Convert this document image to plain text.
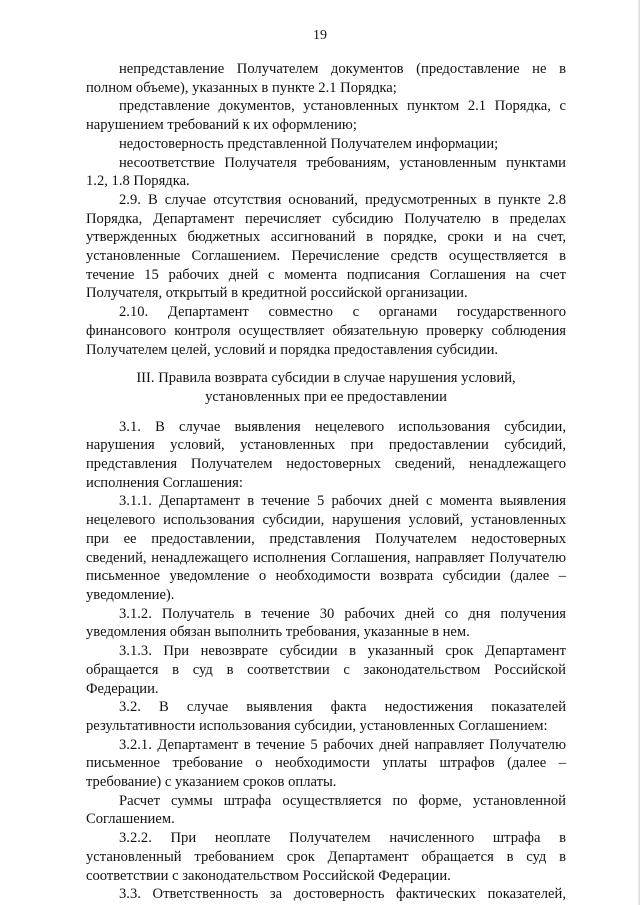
19

непредставление Получателем документов (предоставление не в полном объеме), указанных в пункте 2.1 Порядка;

представление документов, установленных пунктом 2.1 Порядка, с нарушением требований к их оформлению;

недостоверность представленной Получателем информации;

несоответствие Получателя требованиям, установленным пунктами 1.2, 1.8 Порядка.

2.9. В случае отсутствия оснований, предусмотренных в пункте 2.8 Порядка, Департамент перечисляет субсидию Получателю в пределах утвержденных бюджетных ассигнований в порядке, сроки и на счет, установленные Соглашением. Перечисление средств осуществляется в течение 15 рабочих дней с момента подписания Соглашения на счет Получателя, открытый в кредитной российской организации.

2.10. Департамент совместно с органами государственного финансового контроля осуществляет обязательную проверку соблюдения Получателем целей, условий и порядка предоставления субсидии.

III. Правила возврата субсидии в случае нарушения условий,
установленных при ее предоставлении

3.1. В случае выявления нецелевого использования субсидии, нарушения условий, установленных при предоставлении субсидий, представления Получателем недостоверных сведений, ненадлежащего исполнения Соглашения:

3.1.1. Департамент в течение 5 рабочих дней с момента выявления нецелевого использования субсидии, нарушения условий, установленных при ее предоставлении, представления Получателем недостоверных сведений, ненадлежащего исполнения Соглашения, направляет Получателю письменное уведомление о необходимости возврата субсидии (далее – уведомление).

3.1.2. Получатель в течение 30 рабочих дней со дня получения уведомления обязан выполнить требования, указанные в нем.

3.1.3. При невозврате субсидии в указанный срок Департамент обращается в суд в соответствии с законодательством Российской Федерации.

3.2. В случае выявления факта недостижения показателей результативности использования субсидии, установленных Соглашением:

3.2.1. Департамент в течение 5 рабочих дней направляет Получателю письменное требование о необходимости уплаты штрафов (далее – требование) с указанием сроков оплаты.

Расчет суммы штрафа осуществляется по форме, установленной Соглашением.

3.2.2. При неоплате Получателем начисленного штрафа в установленный требованием срок Департамент обращается в суд в соответствии с законодательством Российской Федерации.

3.3. Ответственность за достоверность фактических показателей,
